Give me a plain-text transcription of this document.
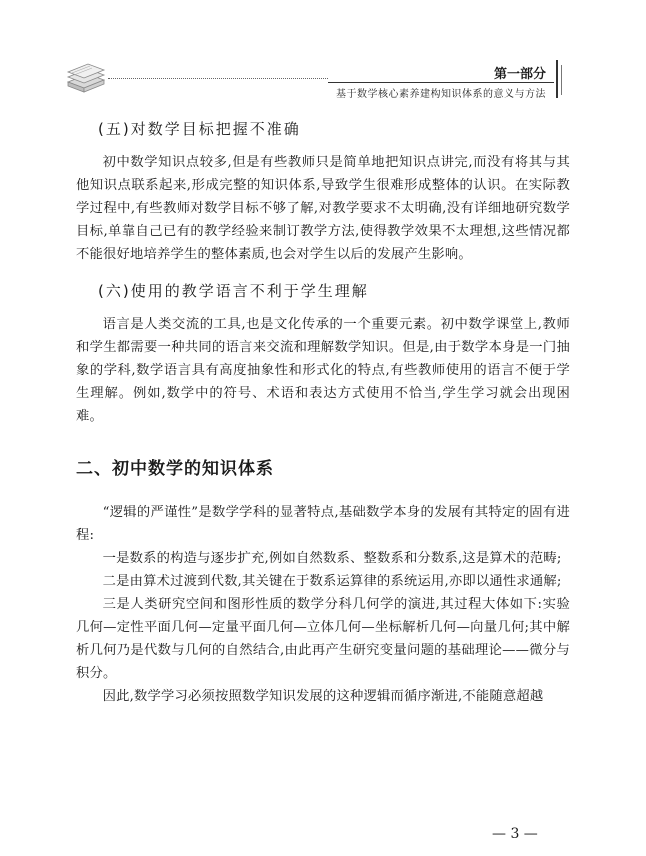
第一部分
基于数学核心素养建构知识体系的意义与方法
(五)对数学目标把握不准确

初中数学知识点较多,但是有些教师只是简单地把知识点讲完,而没有将其与其他知识点联系起来,形成完整的知识体系,导致学生很难形成整体的认识。在实际教学过程中,有些教师对数学目标不够了解,对教学要求不太明确,没有详细地研究数学目标,单靠自己已有的教学经验来制订教学方法,使得教学效果不太理想,这些情况都不能很好地培养学生的整体素质,也会对学生以后的发展产生影响。

(六)使用的教学语言不利于学生理解

语言是人类交流的工具,也是文化传承的一个重要元素。初中数学课堂上,教师和学生都需要一种共同的语言来交流和理解数学知识。但是,由于数学本身是一门抽象的学科,数学语言具有高度抽象性和形式化的特点,有些教师使用的语言不便于学生理解。例如,数学中的符号、术语和表达方式使用不恰当,学生学习就会出现困难。

二、初中数学的知识体系

“逻辑的严谨性”是数学学科的显著特点,基础数学本身的发展有其特定的固有进程:

一是数系的构造与逐步扩充,例如自然数系、整数系和分数系,这是算术的范畴;

二是由算术过渡到代数,其关键在于数系运算律的系统运用,亦即以通性求通解;

三是人类研究空间和图形性质的数学分科几何学的演进,其过程大体如下:实验几何—定性平面几何—定量平面几何—立体几何—坐标解析几何—向量几何;其中解析几何乃是代数与几何的自然结合,由此再产生研究变量问题的基础理论——微分与积分。

因此,数学学习必须按照数学知识发展的这种逻辑而循序渐进,不能随意超越

— 3 —
